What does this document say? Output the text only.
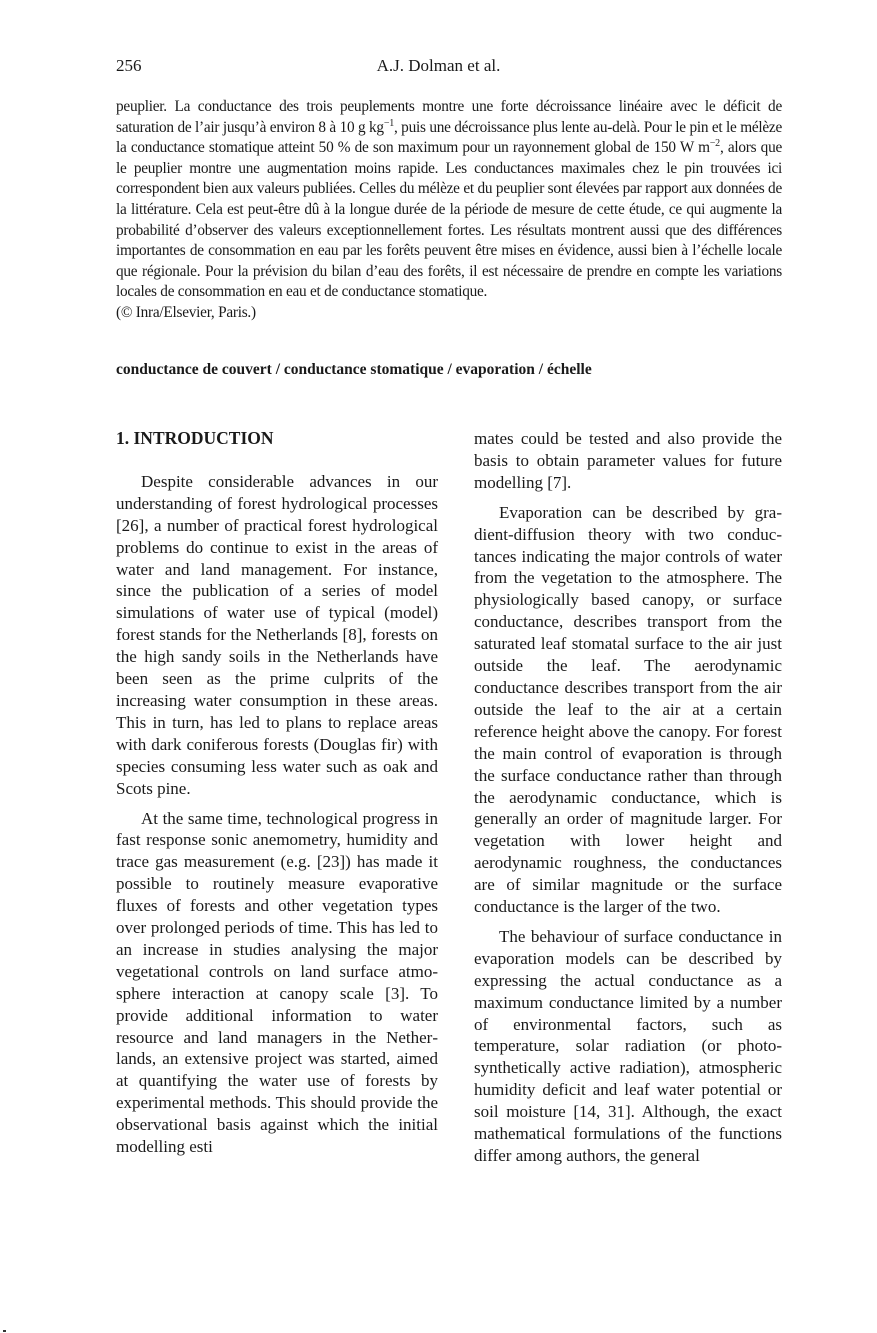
256	A.J. Dolman et al.

peuplier. La conductance des trois peuplements montre une forte décroissance linéaire avec le déficit de saturation de l’air jusqu’à environ 8 à 10 g $kg^{-1}$, puis une décroissance plus lente au-delà. Pour le pin et le mélèze la conductance stomatique atteint 50 % de son maximum pour un rayonnement global de 150 W $m^{-2}$, alors que le peuplier montre une augmentation moins rapide. Les conductances maximales chez le pin trouvées ici correspondent bien aux valeurs publiées. Celles du mélèze et du peuplier sont élevées par rapport aux données de la littérature. Cela est peut-être dû à la longue durée de la période de mesure de cette étude, ce qui augmente la probabilité d’observer des valeurs exceptionnellement fortes. Les résultats montrent aussi que des différences importantes de consommation en eau par les forêts peuvent être mises en évidence, aussi bien à l’échelle locale que régionale. Pour la prévision du bilan d’eau des forêts, il est nécessaire de prendre en compte les variations locales de consommation en eau et de conductance stomatique.

(© Inra/Elsevier, Paris.)

conductance de couvert / conductance stomatique / evaporation / échelle
1. INTRODUCTION

Despite considerable advances in our understanding of forest hydrological processes [26], a number of practical forest hydrological problems do continue to exist in the areas of water and land management. For instance, since the publication of a series of model simulations of water use of typical (model) forest stands for the Netherlands [8], forests on the high sandy soils in the Netherlands have been seen as the prime culprits of the increasing water consumption in these areas. This in turn, has led to plans to replace areas with dark coniferous forests (Douglas fir) with species consuming less water such as oak and Scots pine.

At the same time, technological progress in fast response sonic anemometry, humidity and trace gas measurement (e.g. [23]) has made it possible to routinely measure evaporative fluxes of forests and other vegetation types over prolonged periods of time. This has led to an increase in studies analysing the major vegetational controls on land surface atmosphere interaction at canopy scale [3]. To provide additional information to water resource and land managers in the Netherlands, an extensive project was started, aimed at quantifying the water use of forests by experimental methods. This should provide the observational basis against which the initial modelling esti

mates could be tested and also provide the basis to obtain parameter values for future modelling [7].

Evaporation can be described by gradient-diffusion theory with two conductances indicating the major controls of water from the vegetation to the atmosphere. The physiologically based canopy, or surface conductance, describes transport from the saturated leaf stomatal surface to the air just outside the leaf. The aerodynamic conductance describes transport from the air outside the leaf to the air at a certain reference height above the canopy. For forest the main control of evaporation is through the surface conductance rather than through the aerodynamic conductance, which is generally an order of magnitude larger. For vegetation with lower height and aerodynamic roughness, the conductances are of similar magnitude or the surface conductance is the larger of the two.

The behaviour of surface conductance in evaporation models can be described by expressing the actual conductance as a maximum conductance limited by a number of environmental factors, such as temperature, solar radiation (or photosynthetically active radiation), atmospheric humidity deficit and leaf water potential or soil moisture [14, 31]. Although, the exact mathematical formulations of the functions differ among authors, the general
